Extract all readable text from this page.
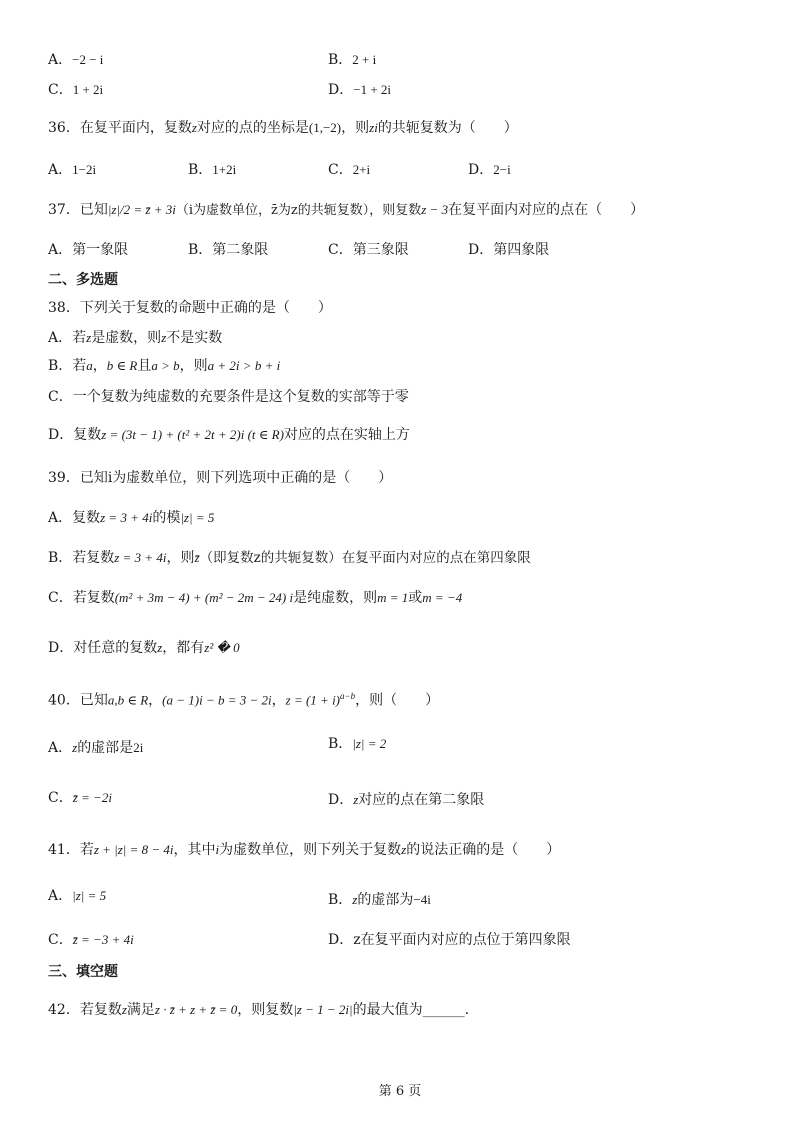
A．−2 − i	B．2 + i
C．1 + 2i	D．−1 + 2i
36．在复平面内，复数z对应的点的坐标是(1,−2)，则zi的共轭复数为（　　）
A．1−2i	B．1+2i	C．2+i	D．2−i
37．已知|z|/2 = z̄ + 3i（i为虚数单位，z̄为z的共轭复数），则复数z − 3在复平面内对应的点在（　　）
A．第一象限	B．第二象限	C．第三象限	D．第四象限
二、多选题
38．下列关于复数的命题中正确的是（　　）
A．若z是虚数，则z不是实数
B．若a，b ∈ R且a > b，则a + 2i > b + i
C．一个复数为纯虚数的充要条件是这个复数的实部等于零
D．复数z = (3t − 1) + (t² + 2t + 2)i (t ∈ R)对应的点在实轴上方
39．已知i为虚数单位，则下列选项中正确的是（　　）
A．复数z = 3 + 4i的模|z| = 5
B．若复数z = 3 + 4i，则z̄（即复数z的共轭复数）在复平面内对应的点在第四象限
C．若复数(m² + 3m − 4) + (m² − 2m − 24) i是纯虚数，则m = 1或m = −4
D．对任意的复数z，都有z² � 0
40．已知a,b ∈ R，(a − 1)i − b = 3 − 2i，$z = (1 + i)^{a-b}$，则（　　）
A．z的虚部是2i	B．|z| = 2
C．z̄ = −2i	D．z对应的点在第二象限
41．若z + |z| = 8 − 4i，其中i为虚数单位，则下列关于复数z的说法正确的是（　　）
A．|z| = 5	B．z的虚部为−4i
C．z̄ = −3 + 4i	D．z在复平面内对应的点位于第四象限
三、填空题
42．若复数z满足z · z̄ + z + z̄ = 0，则复数|z − 1 − 2i|的最大值为______.
第 6 页
